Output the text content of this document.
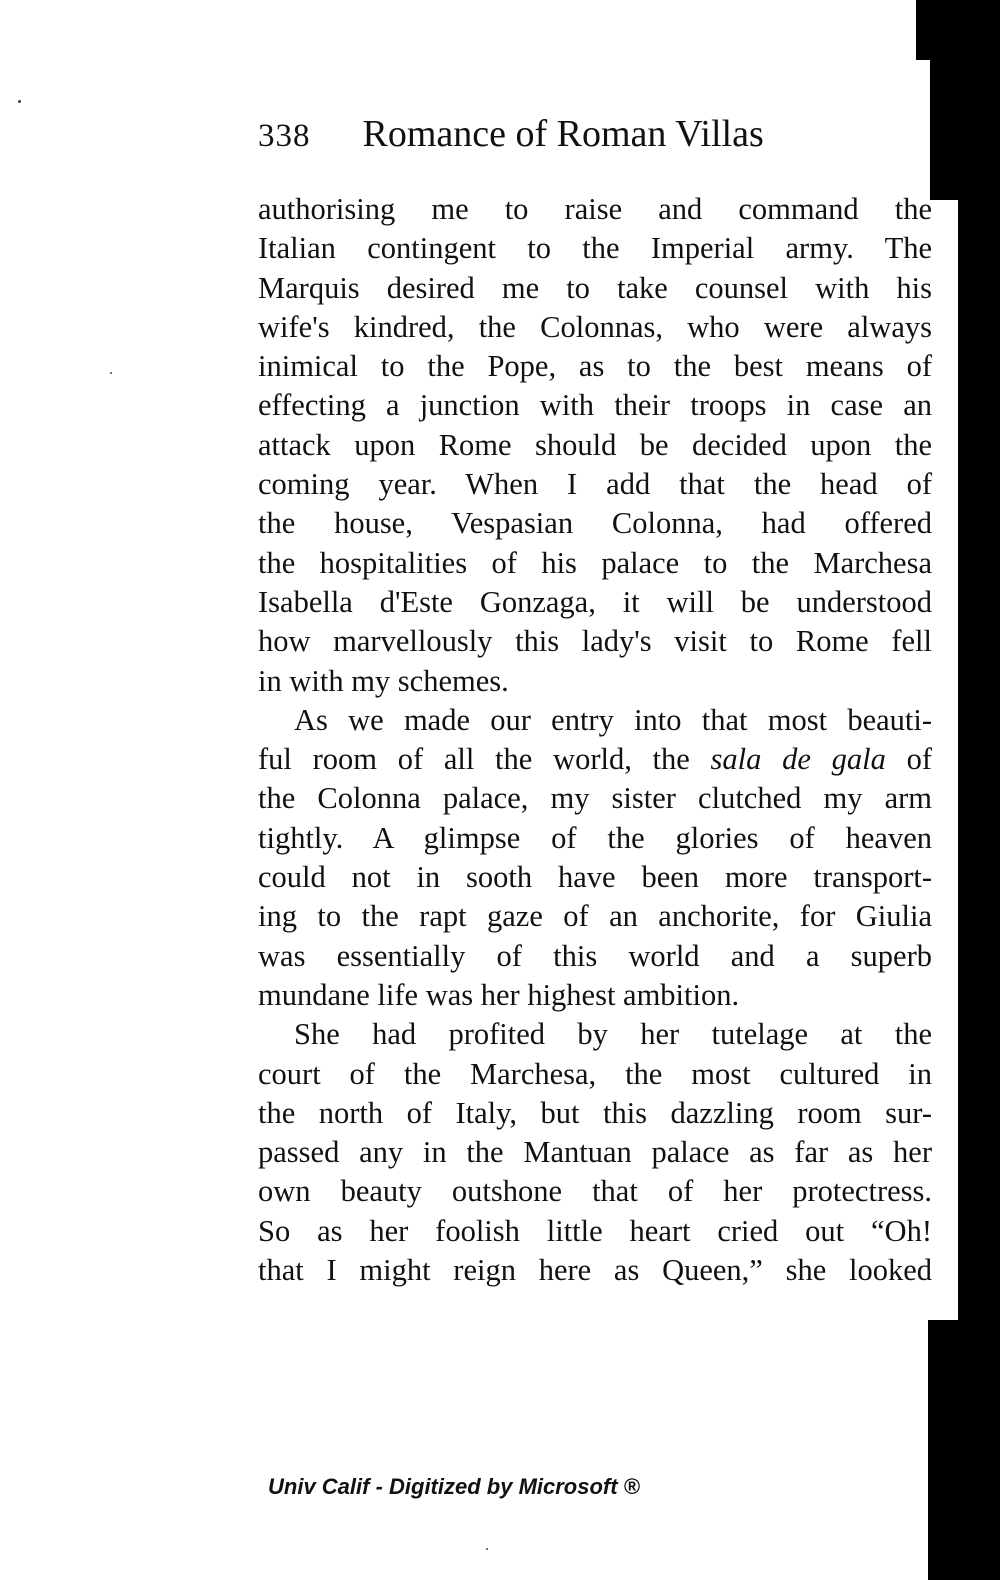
338 Romance of Roman Villas
authorising me to raise and command the
Italian contingent to the Imperial army. The
Marquis desired me to take counsel with his
wife's kindred, the Colonnas, who were always
inimical to the Pope, as to the best means of
effecting a junction with their troops in case an
attack upon Rome should be decided upon the
coming year. When I add that the head of
the house, Vespasian Colonna, had offered
the hospitalities of his palace to the Marchesa
Isabella d'Este Gonzaga, it will be understood
how marvellously this lady's visit to Rome fell
in with my schemes.
As we made our entry into that most beauti-
ful room of all the world, the sala de gala of
the Colonna palace, my sister clutched my arm
tightly. A glimpse of the glories of heaven
could not in sooth have been more transport-
ing to the rapt gaze of an anchorite, for Giulia
was essentially of this world and a superb
mundane life was her highest ambition.
She had profited by her tutelage at the
court of the Marchesa, the most cultured in
the north of Italy, but this dazzling room sur-
passed any in the Mantuan palace as far as her
own beauty outshone that of her protectress.
So as her foolish little heart cried out “Oh!
that I might reign here as Queen,” she looked
Univ Calif - Digitized by Microsoft ®
